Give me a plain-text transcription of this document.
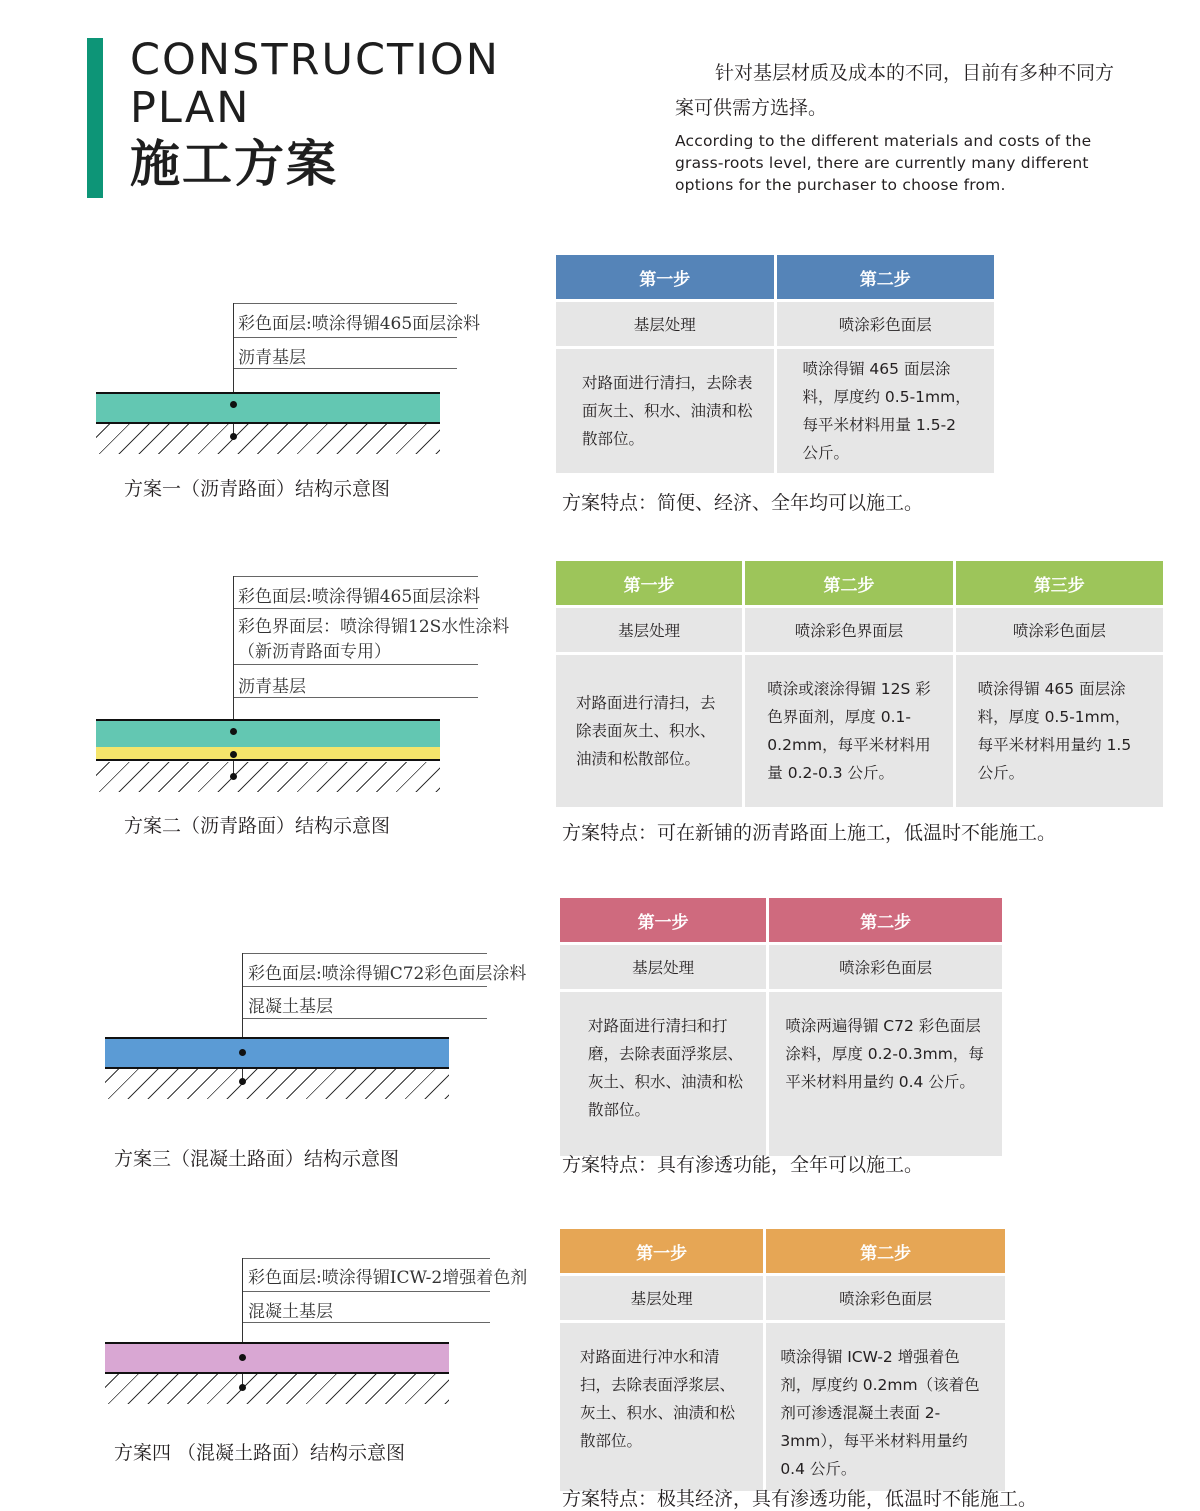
CONSTRUCTION
PLAN
施工方案
针对基层材质及成本的不同，目前有多种不同方案可供需方选择。
According to the different materials and costs of the grass-roots level, there are currently many different options for the purchaser to choose from.
彩色面层:喷涂得镅465面层涂料
沥青基层
方案一（沥青路面）结构示意图
第一步	第二步
基层处理	喷涂彩色面层
对路面进行清扫，去除表面灰土、积水、油渍和松散部位。	喷涂得镅 465 面层涂料，厚度约 0.5-1mm，每平米材料用量 1.5-2 公斤。
方案特点：简便、经济、全年均可以施工。
彩色面层:喷涂得镅465面层涂料
彩色界面层：喷涂得镅12S水性涂料
（新沥青路面专用）
沥青基层
方案二（沥青路面）结构示意图
第一步	第二步	第三步
基层处理	喷涂彩色界面层	喷涂彩色面层
对路面进行清扫，去除表面灰土、积水、油渍和松散部位。	喷涂或滚涂得镅 12S 彩色界面剂，厚度 0.1-0.2mm，每平米材料用量 0.2-0.3 公斤。	喷涂得镅 465 面层涂料，厚度 0.5-1mm，每平米材料用量约 1.5 公斤。
方案特点：可在新铺的沥青路面上施工，低温时不能施工。
彩色面层:喷涂得镅C72彩色面层涂料
混凝土基层
方案三（混凝土路面）结构示意图
第一步	第二步
基层处理	喷涂彩色面层
对路面进行清扫和打磨，去除表面浮浆层、灰土、积水、油渍和松散部位。	喷涂两遍得镅 C72 彩色面层涂料，厚度 0.2-0.3mm，每平米材料用量约 0.4 公斤。
方案特点：具有渗透功能，全年可以施工。
彩色面层:喷涂得镅ICW-2增强着色剂
混凝土基层
方案四 （混凝土路面）结构示意图
第一步	第二步
基层处理	喷涂彩色面层
对路面进行冲水和清扫，去除表面浮浆层、灰土、积水、油渍和松散部位。	喷涂得镅 ICW-2 增强着色剂，厚度约 0.2mm（该着色剂可渗透混凝土表面 2-3mm），每平米材料用量约 0.4 公斤。
方案特点：极其经济，具有渗透功能，低温时不能施工。
